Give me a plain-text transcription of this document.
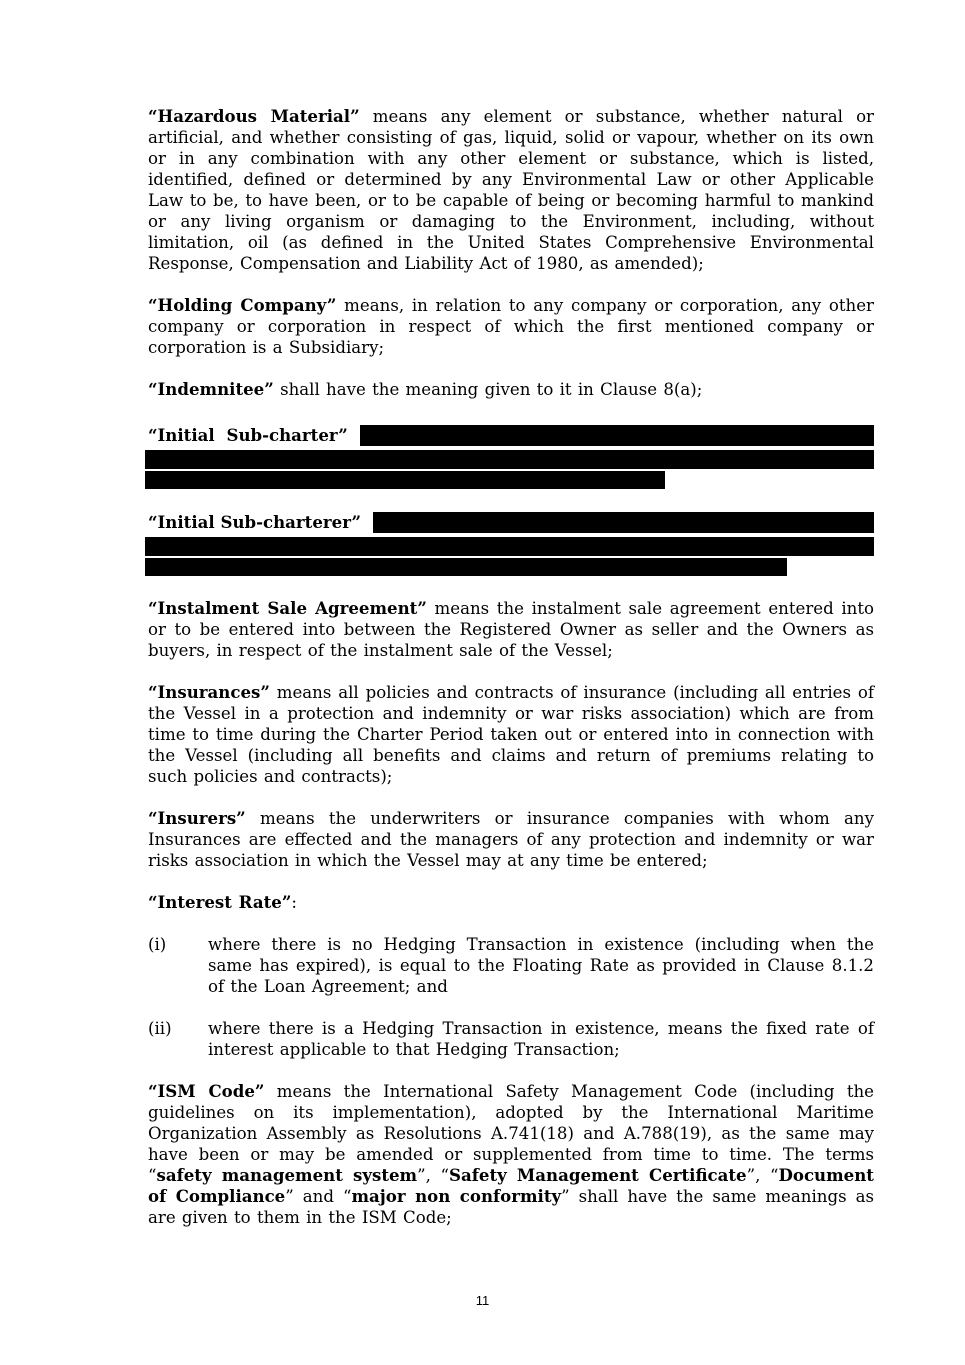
“Hazardous Material” means any element or substance, whether natural or artificial, and whether consisting of gas, liquid, solid or vapour, whether on its own or in any combination with any other element or substance, which is listed, identified, defined or determined by any Environmental Law or other Applicable Law to be, to have been, or to be capable of being or becoming harmful to mankind or any living organism or damaging to the Environment, including, without limitation, oil (as defined in the United States Comprehensive Environmental Response, Compensation and Liability Act of 1980, as amended);

“Holding Company” means, in relation to any company or corporation, any other company or corporation in respect of which the first mentioned company or corporation is a Subsidiary;

“Indemnitee” shall have the meaning given to it in Clause 8(a);

“Initial Sub-charter”
“Initial Sub-charterer”

“Instalment Sale Agreement” means the instalment sale agreement entered into or to be entered into between the Registered Owner as seller and the Owners as buyers, in respect of the instalment sale of the Vessel;

“Insurances” means all policies and contracts of insurance (including all entries of the Vessel in a protection and indemnity or war risks association) which are from time to time during the Charter Period taken out or entered into in connection with the Vessel (including all benefits and claims and return of premiums relating to such policies and contracts);

“Insurers” means the underwriters or insurance companies with whom any Insurances are effected and the managers of any protection and indemnity or war risks association in which the Vessel may at any time be entered;

“Interest Rate”:

(i)	where there is no Hedging Transaction in existence (including when the same has expired), is equal to the Floating Rate as provided in Clause 8.1.2 of the Loan Agreement; and
(ii)	where there is a Hedging Transaction in existence, means the fixed rate of interest applicable to that Hedging Transaction;

“ISM Code” means the International Safety Management Code (including the guidelines on its implementation), adopted by the International Maritime Organization Assembly as Resolutions A.741(18) and A.788(19), as the same may have been or may be amended or supplemented from time to time. The terms “safety management system”, “Safety Management Certificate”, “Document of Compliance” and “major non conformity” shall have the same meanings as are given to them in the ISM Code;

11
